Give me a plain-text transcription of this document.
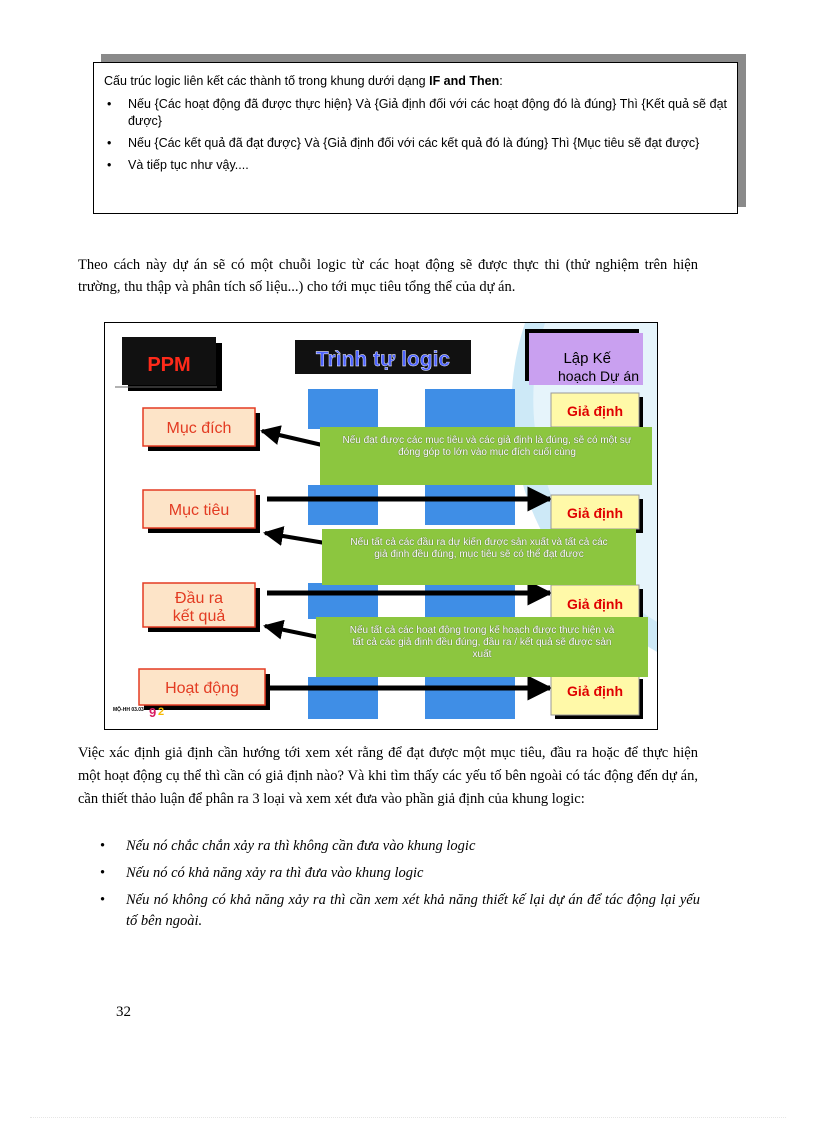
Cấu trúc logic liên kết các thành tố trong khung dưới dạng IF and Then:

• Nếu {Các hoạt động đã được thực hiện} Và {Giả định đối với các hoạt động đó là đúng} Thì {Kết quả sẽ đạt được}
• Nếu {Các kết quả đã đạt được} Và {Giả định đối với các kết quả đó là đúng} Thì {Mục tiêu sẽ đạt được}
• Và tiếp tục như vậy....
Theo cách này dự án sẽ có một chuỗi logic từ các hoạt động sẽ được thực thi (thử nghiệm trên hiện trường, thu thập và phân tích số liệu...) cho tới mục tiêu tổng thể của dự án.
PPM	Trình tự logic	Lập Kế
hoạch Dự án
Mục đích
Mục tiêu
Đầu ra
kết quả
Hoạt động
Giả định
Giả định
Giả định
Giả định
MỘ-HH 03.03 9 2
Nếu đạt được các mục tiêu và các giả định là đúng, sẽ có một sự đóng góp to lớn vào mục đích cuối cùng
Nếu tất cả các đầu ra dự kiến được sản xuất và tất cả các giả định đều đúng, mục tiêu sẽ có thể đạt được
Nếu tất cả các hoạt động trong kế hoạch được thực hiện và tất cả các giả định đều đúng, đầu ra / kết quả sẽ được sản xuất
Việc xác định giả định cần hướng tới xem xét rằng để đạt được một mục tiêu, đầu ra hoặc để thực hiện một hoạt động cụ thể thì cần có giả định nào? Và khi tìm thấy các yếu tố bên ngoài có tác động đến dự án, cần thiết thảo luận để phân ra 3 loại và xem xét đưa vào phần giả định của khung logic:
• Nếu nó chắc chắn xảy ra thì không cần đưa vào khung logic
• Nếu nó có khả năng xảy ra thì đưa vào khung logic
• Nếu nó không có khả năng xảy ra thì cần xem xét khả năng thiết kế lại dự án để tác động lại yếu tố bên ngoài.
32
